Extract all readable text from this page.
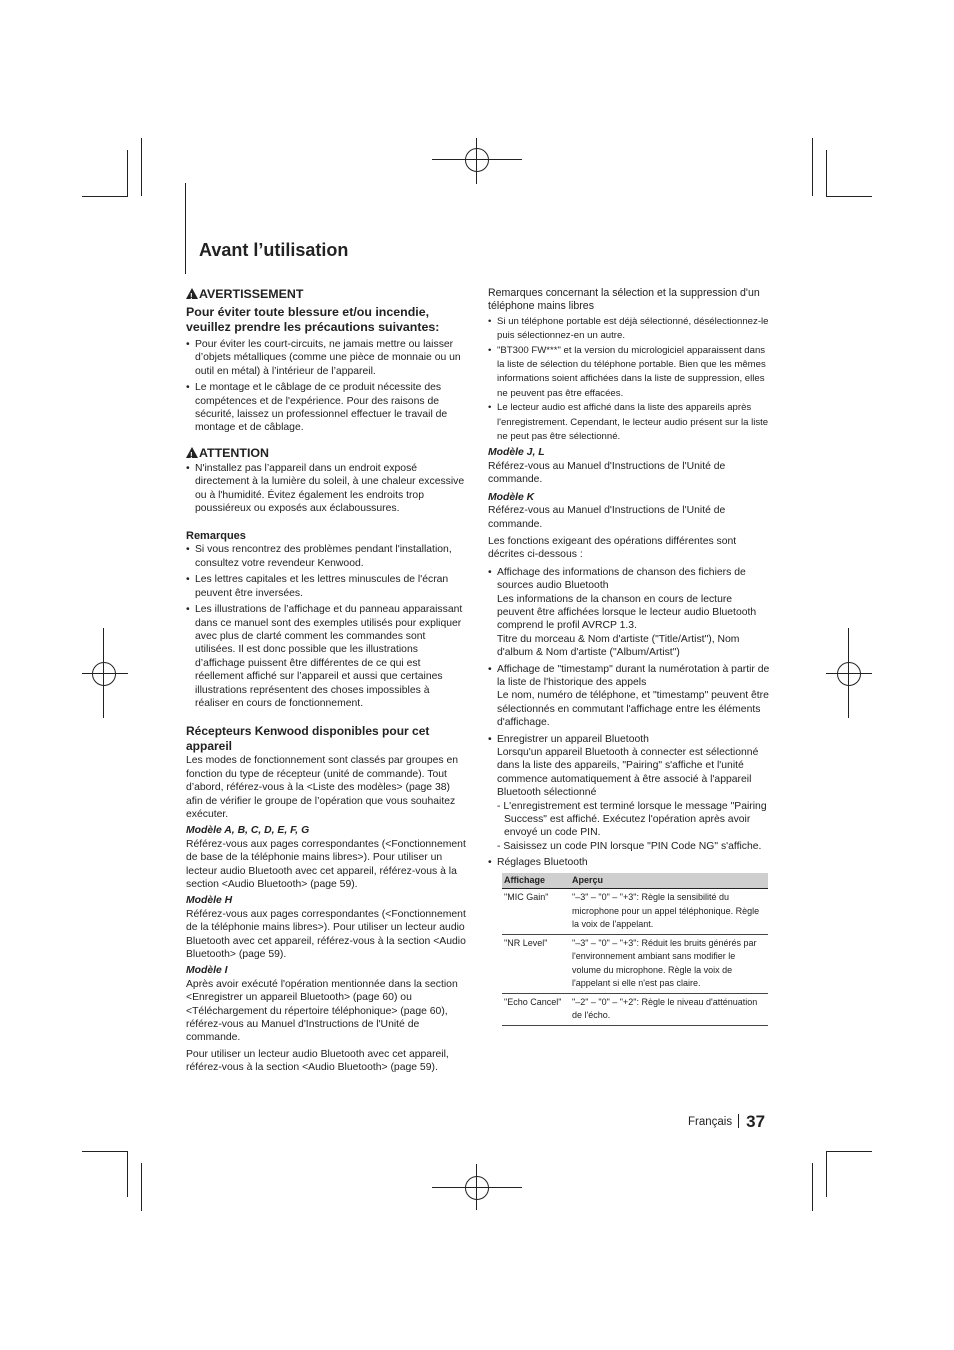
Avant l’utilisation
!AVERTISSEMENT
Pour éviter toute blessure et/ou incendie, veuillez prendre les précautions suivantes:
• Pour éviter les court-circuits, ne jamais mettre ou laisser d’objets métalliques (comme une pièce de monnaie ou un outil en métal) à l’intérieur de l’appareil.
• Le montage et le câblage de ce produit nécessite des compétences et de l'expérience. Pour des raisons de sécurité, laissez un professionnel effectuer le travail de montage et de câblage.
!ATTENTION
• N'installez pas l’appareil dans un endroit exposé directement à la lumière du soleil, à une chaleur excessive ou à l'humidité. Évitez également les endroits trop poussiéreux ou exposés aux éclaboussures.

Remarques

• Si vous rencontrez des problèmes pendant l'installation, consultez votre revendeur Kenwood.
• Les lettres capitales et les lettres minuscules de l'écran peuvent être inversées.
• Les illustrations de l’affichage et du panneau apparaissant dans ce manuel sont des exemples utilisés pour expliquer avec plus de clarté comment les commandes sont utilisées. Il est donc possible que les illustrations d’affichage puissent être différentes de ce qui est réellement affiché sur l’appareil et aussi que certaines illustrations représentent des choses impossibles à réaliser en cours de fonctionnement.

Récepteurs Kenwood disponibles pour cet appareil

Les modes de fonctionnement sont classés par groupes en fonction du type de récepteur (unité de commande). Tout d’abord, référez-vous à la <Liste des modèles> (page 38) afin de vérifier le groupe de l’opération que vous souhaitez exécuter.

Modèle A, B, C, D, E, F, G

Référez-vous aux pages correspondantes (<Fonctionnement de base de la téléphonie mains libres>). Pour utiliser un lecteur audio Bluetooth avec cet appareil, référez-vous à la section <Audio Bluetooth> (page 59).

Modèle H

Référez-vous aux pages correspondantes (<Fonctionnement de la téléphonie mains libres>). Pour utiliser un lecteur audio Bluetooth avec cet appareil, référez-vous à la section <Audio Bluetooth> (page 59).

Modèle I

Après avoir exécuté l'opération mentionnée dans la section <Enregistrer un appareil Bluetooth> (page 60) ou <Téléchargement du répertoire téléphonique> (page 60), référez-vous au Manuel d'Instructions de l'Unité de commande.

Pour utiliser un lecteur audio Bluetooth avec cet appareil, référez-vous à la section <Audio Bluetooth> (page 59).

Remarques concernant la sélection et la suppression d'un téléphone mains libres

• Si un téléphone portable est déjà sélectionné, désélectionnez-le puis sélectionnez-en un autre.
• "BT300 FW***" et la version du micrologiciel apparaissent dans la liste de sélection du téléphone portable. Bien que les mêmes informations soient affichées dans la liste de suppression, elles ne peuvent pas être effacées.
• Le lecteur audio est affiché dans la liste des appareils après l'enregistrement. Cependant, le lecteur audio présent sur la liste ne peut pas être sélectionné.

Modèle J, L

Référez-vous au Manuel d'Instructions de l'Unité de commande.

Modèle K

Référez-vous au Manuel d'Instructions de l'Unité de commande.

Les fonctions exigeant des opérations différentes sont décrites ci-dessous :

• Affichage des informations de chanson des fichiers de sources audio Bluetooth
Les informations de la chanson en cours de lecture peuvent être affichées lorsque le lecteur audio Bluetooth comprend le profil AVRCP 1.3.
Titre du morceau & Nom d'artiste ("Title/Artist"), Nom d'album & Nom d'artiste ("Album/Artist")
• Affichage de "timestamp" durant la numérotation à partir de la liste de l'historique des appels
Le nom, numéro de téléphone, et "timestamp" peuvent être sélectionnés en commutant l'affichage entre les éléments d'affichage.
• Enregistrer un appareil Bluetooth
Lorsqu'un appareil Bluetooth à connecter est sélectionné dans la liste des appareils, "Pairing" s'affiche et l'unité commence automatiquement à être associé à l'appareil Bluetooth sélectionné
- L'enregistrement est terminé lorsque le message "Pairing Success" est affiché. Exécutez l'opération après avoir envoyé un code PIN.
- Saisissez un code PIN lorsque "PIN Code NG" s'affiche.
• Réglages Bluetooth
Affichage	Aperçu
"MIC Gain"	"–3" – "0" – "+3": Règle la sensibilité du microphone pour un appel téléphonique. Règle la voix de l'appelant.
"NR Level"	"–3" – "0" – "+3": Réduit les bruits générés par l'environnement ambiant sans modifier le volume du microphone. Règle la voix de l'appelant si elle n'est pas claire.
"Echo Cancel"	"–2" – "0" – "+2": Règle le niveau d'atténuation de l'écho.
Français 37
